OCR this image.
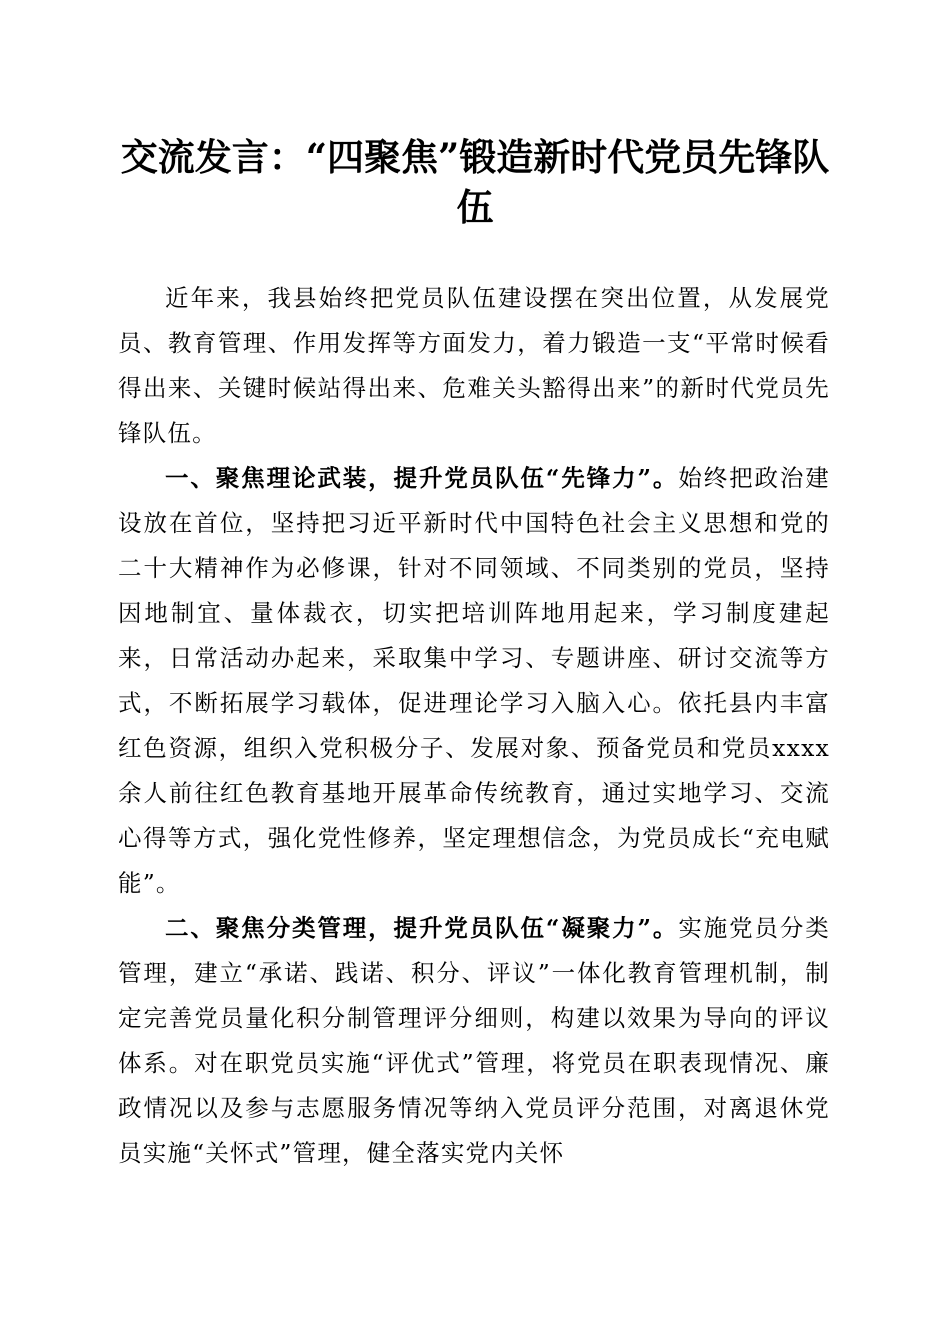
交流发言：“四聚焦”锻造新时代党员先锋队伍

近年来，我县始终把党员队伍建设摆在突出位置，从发展党员、教育管理、作用发挥等方面发力，着力锻造一支“平常时候看得出来、关键时候站得出来、危难关头豁得出来”的新时代党员先锋队伍。

一、聚焦理论武装，提升党员队伍“先锋力”。始终把政治建设放在首位，坚持把习近平新时代中国特色社会主义思想和党的二十大精神作为必修课，针对不同领域、不同类别的党员，坚持因地制宜、量体裁衣，切实把培训阵地用起来，学习制度建起来，日常活动办起来，采取集中学习、专题讲座、研讨交流等方式，不断拓展学习载体，促进理论学习入脑入心。依托县内丰富红色资源，组织入党积极分子、发展对象、预备党员和党员xxxx余人前往红色教育基地开展革命传统教育，通过实地学习、交流心得等方式，强化党性修养，坚定理想信念，为党员成长“充电赋能”。

二、聚焦分类管理，提升党员队伍“凝聚力”。实施党员分类管理，建立“承诺、践诺、积分、评议”一体化教育管理机制，制定完善党员量化积分制管理评分细则，构建以效果为导向的评议体系。对在职党员实施“评优式”管理，将党员在职表现情况、廉政情况以及参与志愿服务情况等纳入党员评分范围，对离退休党员实施“关怀式”管理，健全落实党内关怀
